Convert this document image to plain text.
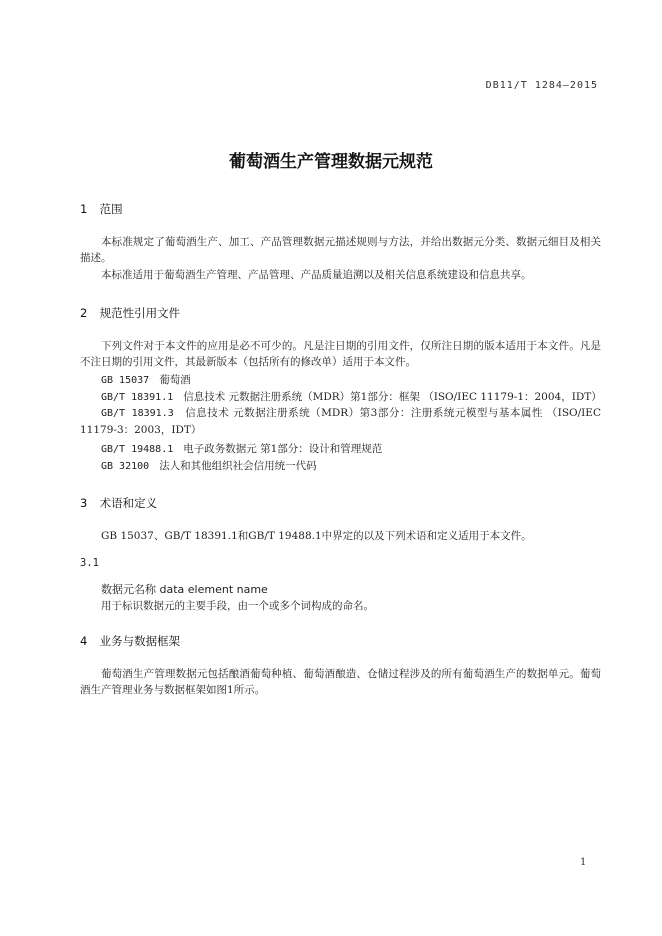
DB11/T 1284—2015
葡萄酒生产管理数据元规范
1 范围

本标准规定了葡萄酒生产、加工、产品管理数据元描述规则与方法，并给出数据元分类、数据元细目及相关描述。

本标准适用于葡萄酒生产管理、产品管理、产品质量追溯以及相关信息系统建设和信息共享。

2 规范性引用文件

下列文件对于本文件的应用是必不可少的。凡是注日期的引用文件，仅所注日期的版本适用于本文件。凡是不注日期的引用文件，其最新版本（包括所有的修改单）适用于本文件。

GB 15037 葡萄酒
GB/T 18391.1 信息技术 元数据注册系统（MDR）第1部分：框架 （ISO/IEC 11179-1：2004，IDT）
GB/T 18391.3 信息技术 元数据注册系统（MDR）第3部分：注册系统元模型与基本属性 （ISO/IEC 11179-3：2003，IDT）
GB/T 19488.1 电子政务数据元 第1部分：设计和管理规范
GB 32100 法人和其他组织社会信用统一代码
3 术语和定义

GB 15037、GB/T 18391.1和GB/T 19488.1中界定的以及下列术语和定义适用于本文件。

3.1
数据元名称 data element name
用于标识数据元的主要手段，由一个或多个词构成的命名。
4 业务与数据框架

葡萄酒生产管理数据元包括酿酒葡萄种植、葡萄酒酿造、仓储过程涉及的所有葡萄酒生产的数据单元。葡萄酒生产管理业务与数据框架如图1所示。

1
